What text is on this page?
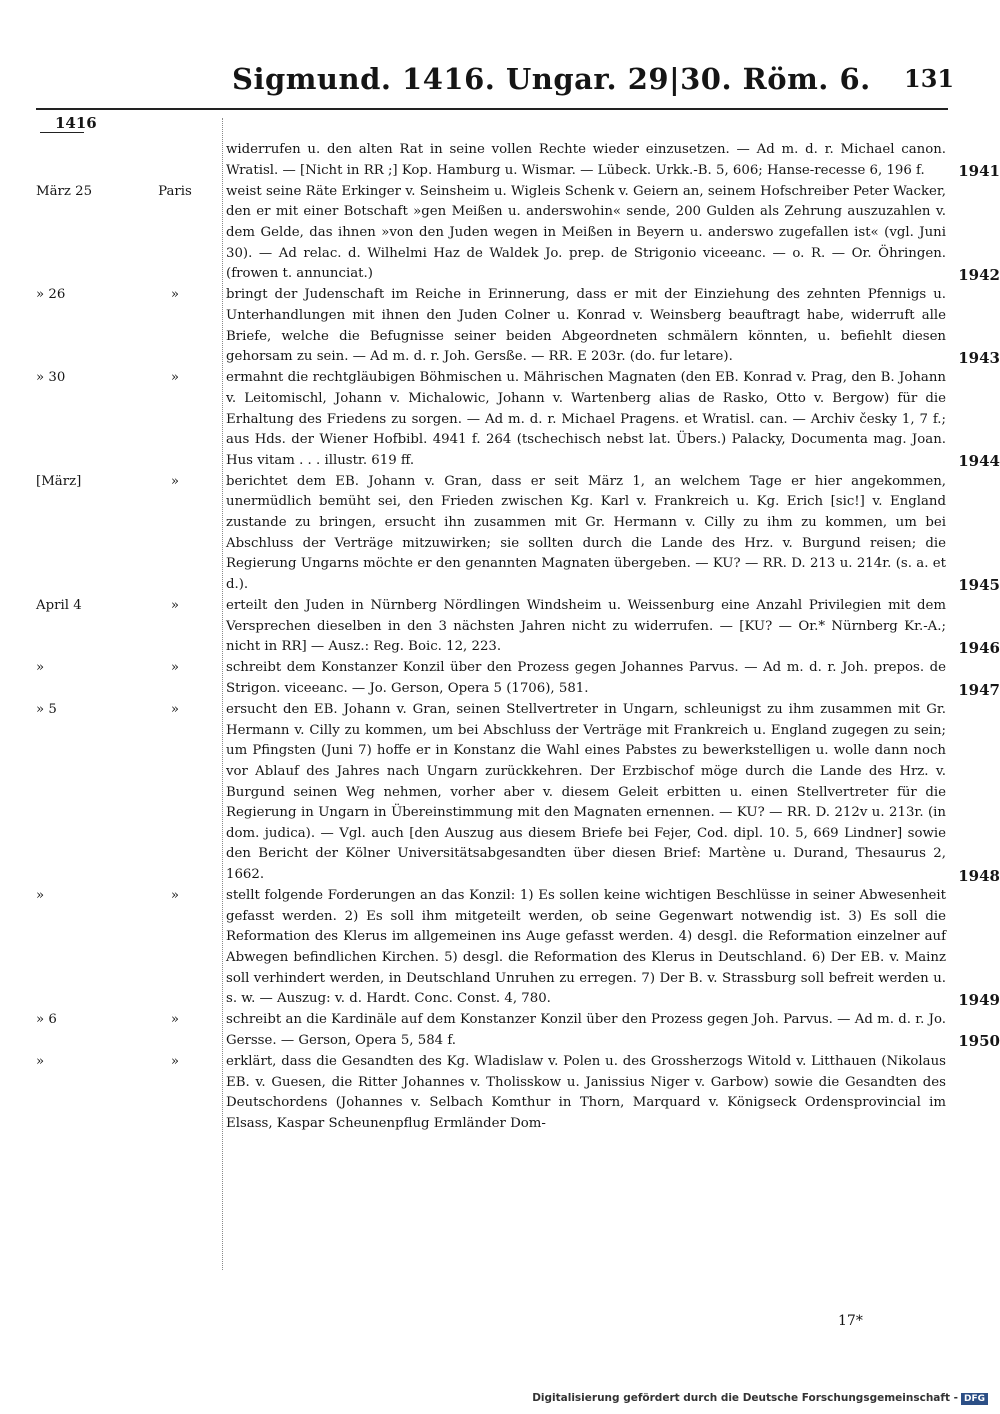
Sigmund. 1416. Ungar. 29|30. Röm. 6. 131
1416
widerrufen u. den alten Rat in seine vollen Rechte wieder einzusetzen. — Ad m. d. r. Michael canon. Wratisl. — [Nicht in RR ;] Kop. Hamburg u. Wismar. — Lübeck. Urkk.-B. 5, 606; Hanse-recesse 6, 196 f.	1941
März 25	Paris	weist seine Räte Erkinger v. Seinsheim u. Wigleis Schenk v. Geiern an, seinem Hofschreiber Peter Wacker, den er mit einer Botschaft »gen Meißen u. anderswohin« sende, 200 Gulden als Zehrung auszuzahlen v. dem Gelde, das ihnen »von den Juden wegen in Meißen in Beyern u. anderswo zugefallen ist« (vgl. Juni 30). — Ad relac. d. Wilhelmi Haz de Waldek Jo. prep. de Strigonio viceeanc. — o. R. — Or. Öhringen. (frowen t. annunciat.)	1942
» 26	»	bringt der Judenschaft im Reiche in Erinnerung, dass er mit der Einziehung des zehnten Pfennigs u. Unterhandlungen mit ihnen den Juden Colner u. Konrad v. Weinsberg beauftragt habe, widerruft alle Briefe, welche die Befugnisse seiner beiden Abgeordneten schmälern könnten, u. befiehlt diesen gehorsam zu sein. — Ad m. d. r. Joh. Gersße. — RR. E 203r. (do. fur letare).	1943
» 30	»	ermahnt die rechtgläubigen Böhmischen u. Mährischen Magnaten (den EB. Konrad v. Prag, den B. Johann v. Leitomischl, Johann v. Michalowic, Johann v. Wartenberg alias de Rasko, Otto v. Bergow) für die Erhaltung des Friedens zu sorgen. — Ad m. d. r. Michael Pragens. et Wratisl. can. — Archiv česky 1, 7 f.; aus Hds. der Wiener Hofbibl. 4941 f. 264 (tschechisch nebst lat. Übers.) Palacky, Documenta mag. Joan. Hus vitam . . . illustr. 619 ff.	1944
[März]	»	berichtet dem EB. Johann v. Gran, dass er seit März 1, an welchem Tage er hier angekommen, unermüdlich bemüht sei, den Frieden zwischen Kg. Karl v. Frankreich u. Kg. Erich [sic!] v. England zustande zu bringen, ersucht ihn zusammen mit Gr. Hermann v. Cilly zu ihm zu kommen, um bei Abschluss der Verträge mitzuwirken; sie sollten durch die Lande des Hrz. v. Burgund reisen; die Regierung Ungarns möchte er den genannten Magnaten übergeben. — KU? — RR. D. 213 u. 214r. (s. a. et d.).	1945
April 4	»	erteilt den Juden in Nürnberg Nördlingen Windsheim u. Weissenburg eine Anzahl Privilegien mit dem Versprechen dieselben in den 3 nächsten Jahren nicht zu widerrufen. — [KU? — Or.* Nürnberg Kr.-A.; nicht in RR] — Ausz.: Reg. Boic. 12, 223.	1946
»	»	schreibt dem Konstanzer Konzil über den Prozess gegen Johannes Parvus. — Ad m. d. r. Joh. prepos. de Strigon. viceeanc. — Jo. Gerson, Opera 5 (1706), 581.	1947
» 5	»	ersucht den EB. Johann v. Gran, seinen Stellvertreter in Ungarn, schleunigst zu ihm zusammen mit Gr. Hermann v. Cilly zu kommen, um bei Abschluss der Verträge mit Frankreich u. England zugegen zu sein; um Pfingsten (Juni 7) hoffe er in Konstanz die Wahl eines Pabstes zu bewerkstelligen u. wolle dann noch vor Ablauf des Jahres nach Ungarn zurückkehren. Der Erzbischof möge durch die Lande des Hrz. v. Burgund seinen Weg nehmen, vorher aber v. diesem Geleit erbitten u. einen Stellvertreter für die Regierung in Ungarn in Übereinstimmung mit den Magnaten ernennen. — KU? — RR. D. 212v u. 213r. (in dom. judica). — Vgl. auch [den Auszug aus diesem Briefe bei Fejer, Cod. dipl. 10. 5, 669 Lindner] sowie den Bericht der Kölner Universitätsabgesandten über diesen Brief: Martène u. Durand, Thesaurus 2, 1662.	1948
»	»	stellt folgende Forderungen an das Konzil: 1) Es sollen keine wichtigen Beschlüsse in seiner Abwesenheit gefasst werden. 2) Es soll ihm mitgeteilt werden, ob seine Gegenwart notwendig ist. 3) Es soll die Reformation des Klerus im allgemeinen ins Auge gefasst werden. 4) desgl. die Reformation einzelner auf Abwegen befindlichen Kirchen. 5) desgl. die Reformation des Klerus in Deutschland. 6) Der EB. v. Mainz soll verhindert werden, in Deutschland Unruhen zu erregen. 7) Der B. v. Strassburg soll befreit werden u. s. w. — Auszug: v. d. Hardt. Conc. Const. 4, 780.	1949
» 6	»	schreibt an die Kardinäle auf dem Konstanzer Konzil über den Prozess gegen Joh. Parvus. — Ad m. d. r. Jo. Gersse. — Gerson, Opera 5, 584 f.	1950
»	»	erklärt, dass die Gesandten des Kg. Wladislaw v. Polen u. des Grossherzogs Witold v. Litthauen (Nikolaus EB. v. Guesen, die Ritter Johannes v. Tholisskow u. Janissius Niger v. Garbow) sowie die Gesandten des Deutschordens (Johannes v. Selbach Komthur in Thorn, Marquard v. Königseck Ordensprovincial im Elsass, Kaspar Scheunenpflug Ermländer Dom-
17*
Digitalisierung gefördert durch die Deutsche Forschungsgemeinschaft - DFG
